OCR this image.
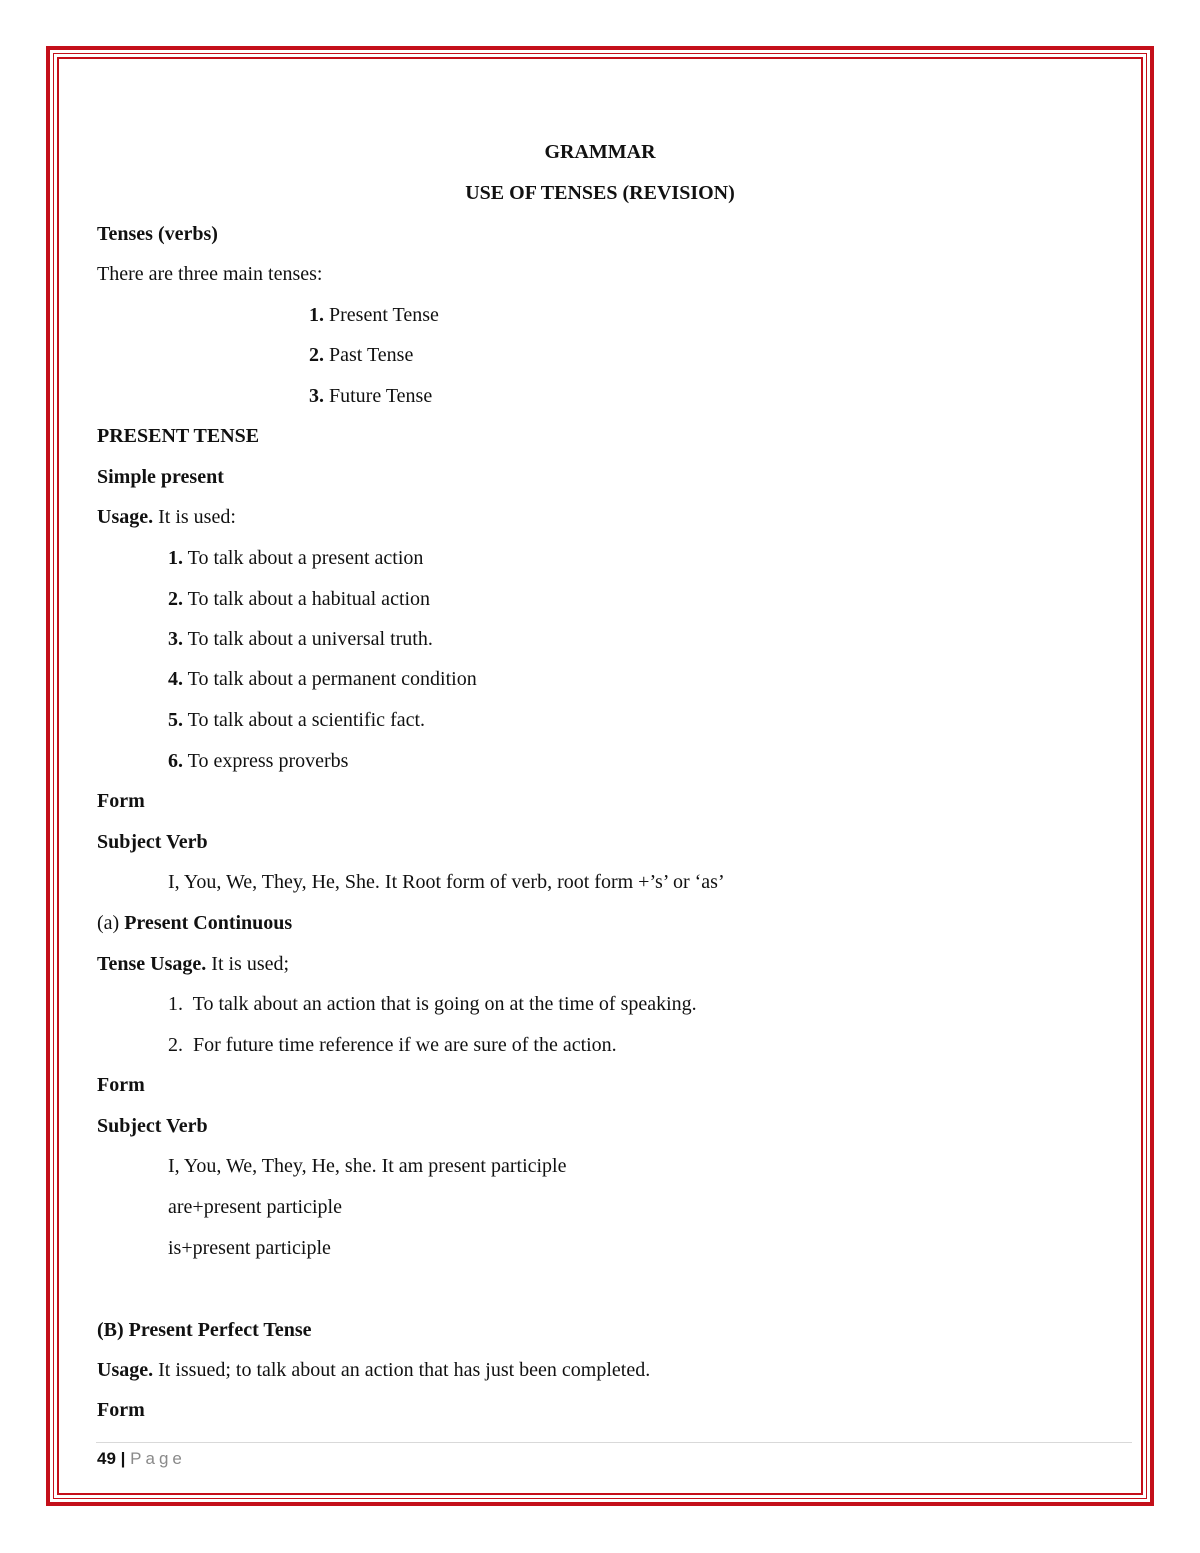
GRAMMAR
USE OF TENSES (REVISION)
Tenses (verbs)
There are three main tenses:
1. Present Tense
2. Past Tense
3. Future Tense
PRESENT TENSE
Simple present
Usage. It is used:
1. To talk about a present action
2. To talk about a habitual action
3. To talk about a universal truth.
4. To talk about a permanent condition
5. To talk about a scientific fact.
6. To express proverbs
Form
Subject Verb
I, You, We, They, He, She. It Root form of verb, root form +’s’ or ‘as’
(a) Present Continuous
Tense Usage. It is used;
1. To talk about an action that is going on at the time of speaking.
2. For future time reference if we are sure of the action.
Form
Subject Verb
I, You, We, They, He, she. It am present participle
are+present participle
is+present participle
(B) Present Perfect Tense
Usage. It issued; to talk about an action that has just been completed.
Form
49 | Page
